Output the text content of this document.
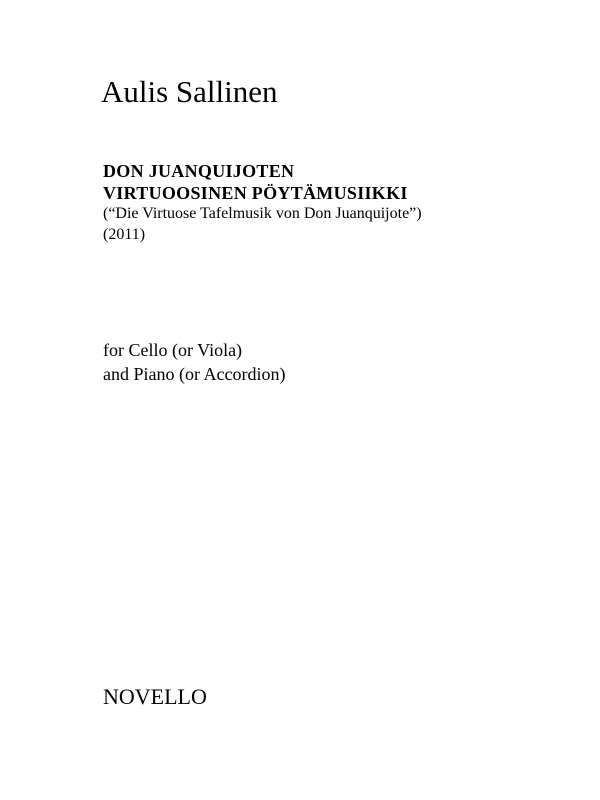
Aulis Sallinen
DON JUANQUIJOTEN
VIRTUOOSINEN PÖYTÄMUSIIKKI
(“Die Virtuose Tafelmusik von Don Juanquijote”)
(2011)
for Cello (or Viola)
and Piano (or Accordion)
NOVELLO
